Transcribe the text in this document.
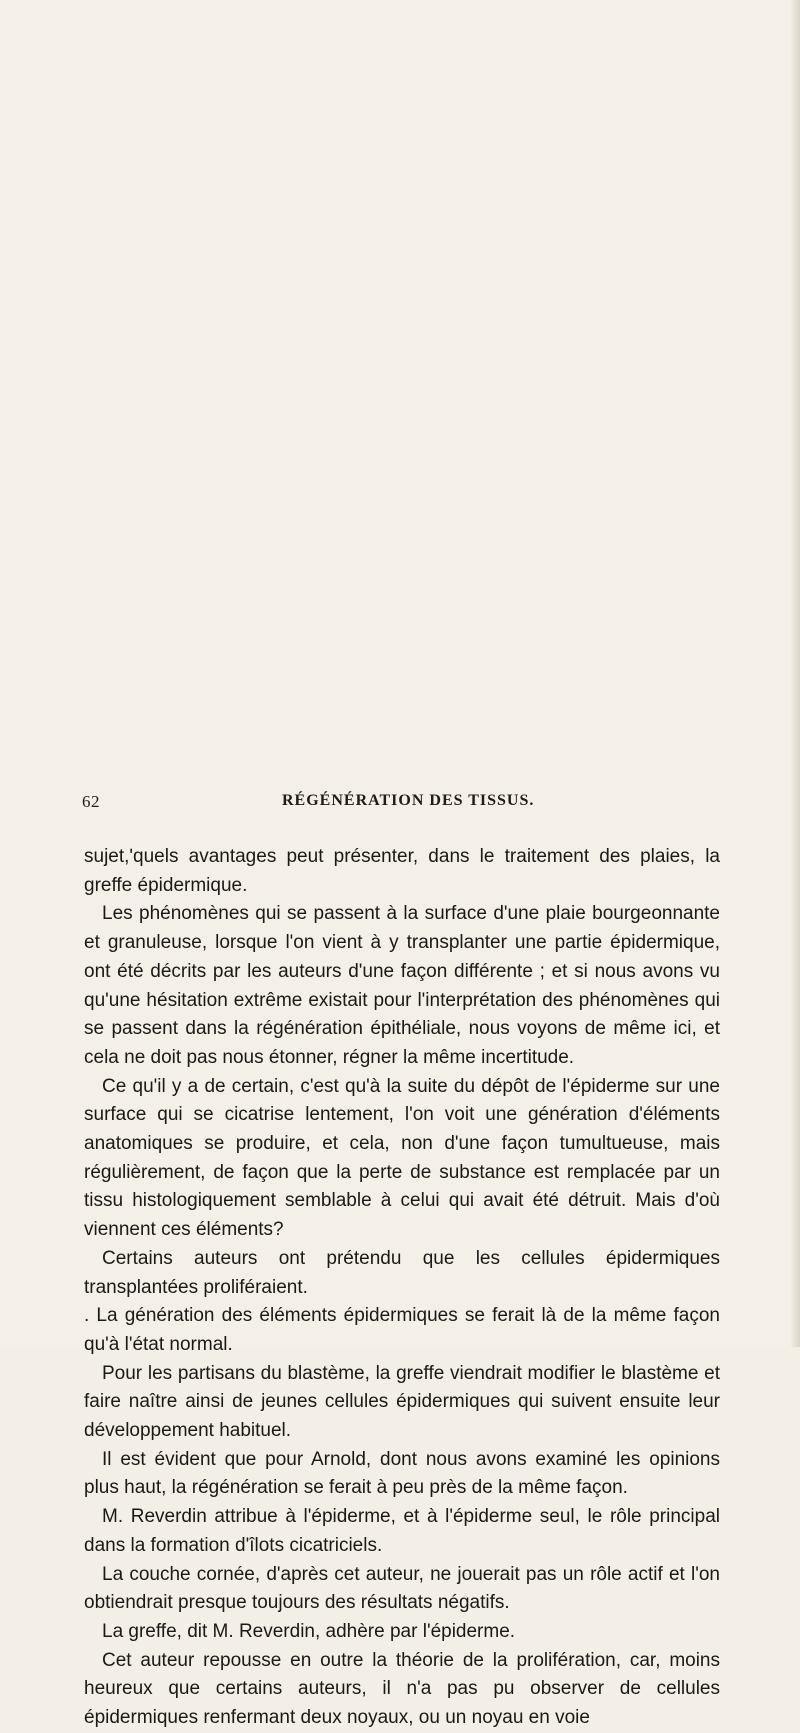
62	RÉGÉNÉRATION DES TISSUS.

sujet,ʹquels avantages peut présenter, dans le traitement des plaies, la greffe épidermique.

Les phénomènes qui se passent à la surface d'une plaie bourgeonnante et granuleuse, lorsque l'on vient à y transplanter une partie épidermique, ont été décrits par les auteurs d'une façon différente ; et si nous avons vu qu'une hésitation extrême existait pour l'interprétation des phénomènes qui se passent dans la régénération épithéliale, nous voyons de même ici, et cela ne doit pas nous étonner, régner la même incertitude.

Ce qu'il y a de certain, c'est qu'à la suite du dépôt de l'épiderme sur une surface qui se cicatrise lentement, l'on voit une génération d'éléments anatomiques se produire, et cela, non d'une façon tumultueuse, mais régulièrement, de façon que la perte de substance est remplacée par un tissu histologiquement semblable à celui qui avait été détruit. Mais d'où viennent ces éléments?

Certains auteurs ont prétendu que les cellules épidermiques transplantées proliféraient.

. La génération des éléments épidermiques se ferait là de la même façon qu'à l'état normal.

Pour les partisans du blastème, la greffe viendrait modifier le blastème et faire naître ainsi de jeunes cellules épidermiques qui suivent ensuite leur développement habituel.

Il est évident que pour Arnold, dont nous avons examiné les opinions plus haut, la régénération se ferait à peu près de la même façon.

M. Reverdin attribue à l'épiderme, et à l'épiderme seul, le rôle principal dans la formation d'îlots cicatriciels.

La couche cornée, d'après cet auteur, ne jouerait pas un rôle actif et l'on obtiendrait presque toujours des résultats négatifs.

La greffe, dit M. Reverdin, adhère par l'épiderme.

Cet auteur repousse en outre la théorie de la prolifération, car, moins heureux que certains auteurs, il n'a pas pu observer de cellules épidermiques renfermant deux noyaux, ou un noyau en voie
